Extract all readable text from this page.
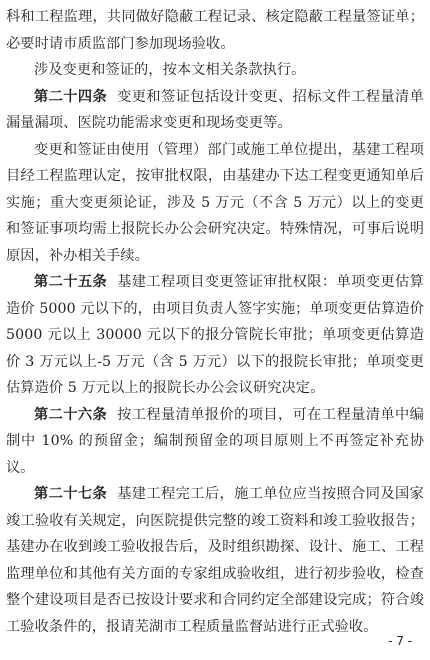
科和工程监理，共同做好隐蔽工程记录、核定隐蔽工程量签证单；必要时请市质监部门参加现场验收。

涉及变更和签证的，按本文相关条款执行。

第二十四条 变更和签证包括设计变更、招标文件工程量清单漏量漏项、医院功能需求变更和现场变更等。

变更和签证由使用（管理）部门或施工单位提出，基建工程项目经工程监理认定，按审批权限，由基建办下达工程变更通知单后实施；重大变更须论证，涉及 5 万元（不含 5 万元）以上的变更和签证事项均需上报院长办公会研究决定。特殊情况，可事后说明原因，补办相关手续。

第二十五条 基建工程项目变更签证审批权限：单项变更估算造价 5000 元以下的，由项目负责人签字实施；单项变更估算造价 5000 元以上 30000 元以下的报分管院长审批；单项变更估算造价 3 万元以上-5 万元（含 5 万元）以下的报院长审批；单项变更估算造价 5 万元以上的报院长办公会议研究决定。

第二十六条 按工程量清单报价的项目，可在工程量清单中编制中 10% 的预留金；编制预留金的项目原则上不再签定补充协议。

第二十七条 基建工程完工后，施工单位应当按照合同及国家竣工验收有关规定，向医院提供完整的竣工资料和竣工验收报告；基建办在收到竣工验收报告后，及时组织勘探、设计、施工、工程监理单位和其他有关方面的专家组成验收组，进行初步验收，检查整个建设项目是否已按设计要求和合同约定全部建设完成；符合竣工验收条件的，报请芜湖市工程质量监督站进行正式验收。

- 7 -
